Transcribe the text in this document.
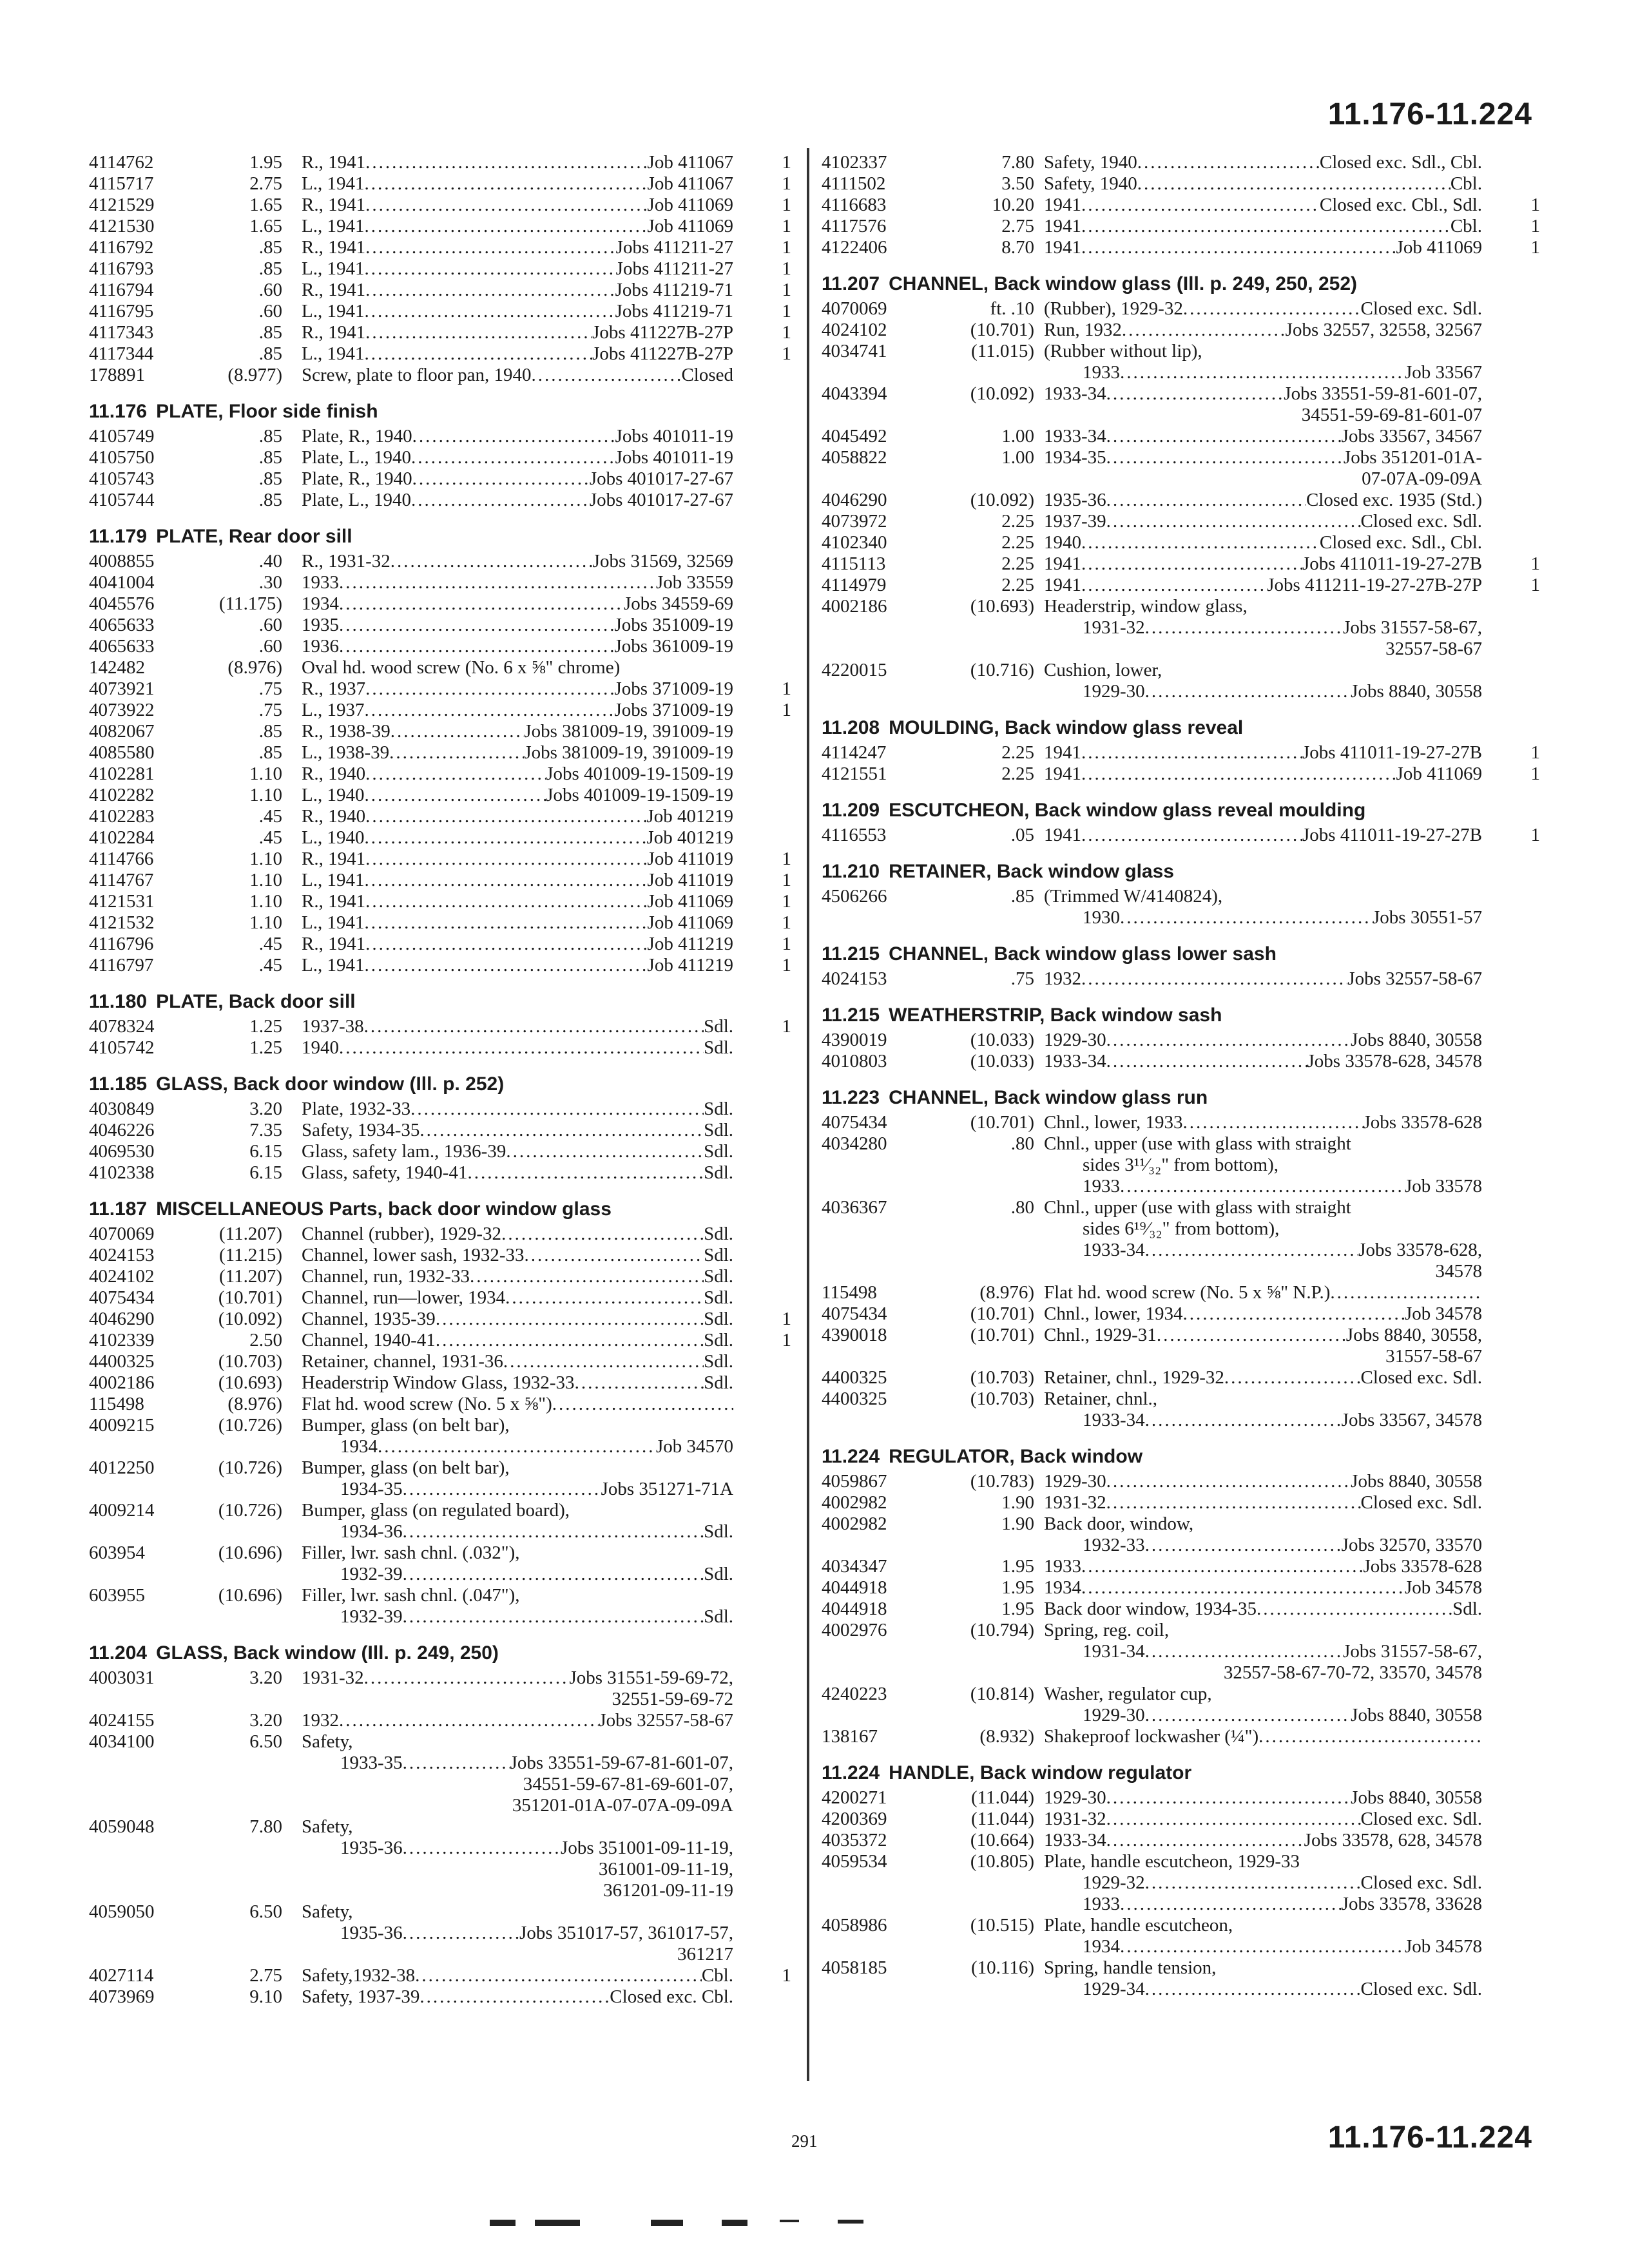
11.176-11.224
4114762	1.95 R., 1941 .....	Job 411067	1
4115717	2.75 L., 1941 .....	Job 411067	1
4121529	1.65 R., 1941 .....	Job 411069	1
4121530	1.65 L., 1941 .....	Job 411069	1
4116792	.85 R., 1941 .....	Jobs 411211-27	1
4116793	.85 L., 1941 .....	Jobs 411211-27	1
4116794	.60 R., 1941 .....	Jobs 411219-71	1
4116795	.60 L., 1941 .....	Jobs 411219-71	1
4117343	.85 R., 1941 .....	Jobs 411227B-27P	1
4117344	.85 L., 1941 .....	Jobs 411227B-27P	1
178891	(8.977) Screw, plate to floor pan, 1940 .....	Closed
11.176 PLATE, Floor side finish
4105749	.85 Plate, R., 1940 .....	Jobs 401011-19
4105750	.85 Plate, L., 1940 .....	Jobs 401011-19
4105743	.85 Plate, R., 1940 .....	Jobs 401017-27-67
4105744	.85 Plate, L., 1940 .....	Jobs 401017-27-67
11.179 PLATE, Rear door sill
4008855	.40 R., 1931-32 .....	Jobs 31569, 32569
4041004	.30 1933 .....	Job 33559
4045576	(11.175) 1934 .....	Jobs 34559-69
4065633	.60 1935 .....	Jobs 351009-19
4065633	.60 1936 .....	Jobs 361009-19
142482	(8.976) Oval hd. wood screw (No. 6 x ⅝" chrome)
4073921	.75 R., 1937 .....	Jobs 371009-19	1
4073922	.75 L., 1937 .....	Jobs 371009-19	1
4082067	.85 R., 1938-39 .....	Jobs 381009-19, 391009-19
4085580	.85 L., 1938-39 .....	Jobs 381009-19, 391009-19
4102281	1.10 R., 1940 .....	Jobs 401009-19-1509-19
4102282	1.10 L., 1940 .....	Jobs 401009-19-1509-19
4102283	.45 R., 1940 .....	Job 401219
4102284	.45 L., 1940 .....	Job 401219
4114766	1.10 R., 1941 .....	Job 411019	1
4114767	1.10 L., 1941 .....	Job 411019	1
4121531	1.10 R., 1941 .....	Job 411069	1
4121532	1.10 L., 1941 .....	Job 411069	1
4116796	.45 R., 1941 .....	Job 411219	1
4116797	.45 L., 1941 .....	Job 411219	1
11.180 PLATE, Back door sill
4078324	1.25 1937-38 .....	Sdl.	1
4105742	1.25 1940 .....	Sdl.
11.185 GLASS, Back door window (Ill. p. 252)
4030849	3.20 Plate, 1932-33 .....	Sdl.
4046226	7.35 Safety, 1934-35 .....	Sdl.
4069530	6.15 Glass, safety lam., 1936-39 .....	Sdl.
4102338	6.15 Glass, safety, 1940-41 .....	Sdl.
11.187 MISCELLANEOUS Parts, back door window glass
4070069	(11.207) Channel (rubber), 1929-32 .....	Sdl.
4024153	(11.215) Channel, lower sash, 1932-33 .....	Sdl.
4024102	(11.207) Channel, run, 1932-33 .....	Sdl.
4075434	(10.701) Channel, run—lower, 1934 .....	Sdl.
4046290	(10.092) Channel, 1935-39 .....	Sdl.	1
4102339	2.50 Channel, 1940-41 .....	Sdl.	1
4400325	(10.703) Retainer, channel, 1931-36 .....	Sdl.
4002186	(10.693) Headerstrip Window Glass, 1932-33 .....	Sdl.
115498	(8.976) Flat hd. wood screw (No. 5 x ⅝")
.....
4009215	(10.726) Bumper, glass (on belt bar),
1934 .....	Job 34570
4012250	(10.726) Bumper, glass (on belt bar),
1934-35 .....	Jobs 351271-71A
4009214	(10.726) Bumper, glass (on regulated board),
1934-36 .....	Sdl.
603954	(10.696) Filler, lwr. sash chnl. (.032"),
1932-39 .....	Sdl.
603955	(10.696) Filler, lwr. sash chnl. (.047"),
1932-39 .....	Sdl.
11.204 GLASS, Back window (Ill. p. 249, 250)
4003031	3.20 1931-32 .....	Jobs 31551-59-69-72,
32551-59-69-72
4024155	3.20 1932 .....	Jobs 32557-58-67
4034100	6.50 Safety,
1933-35 .....	Jobs 33551-59-67-81-601-07,
34551-59-67-81-69-601-07,
351201-01A-07-07A-09-09A
4059048	7.80 Safety,
1935-36 .....	Jobs 351001-09-11-19,
361001-09-11-19,
361201-09-11-19
4059050	6.50 Safety,
1935-36 .....	Jobs 351017-57, 361017-57,
361217
4027114	2.75 Safety,1932-38 .....	Cbl.	1
4073969	9.10 Safety, 1937-39 .....	Closed exc. Cbl.
4102337	7.80 Safety, 1940 .....	Closed exc. Sdl., Cbl.
4111502	3.50 Safety, 1940 .....	Cbl.
4116683	10.20 1941 .....	Closed exc. Cbl., Sdl.	1
4117576	2.75 1941 .....	Cbl.	1
4122406	8.70 1941 .....	Job 411069	1
11.207 CHANNEL, Back window glass (Ill. p. 249, 250, 252)
4070069	ft. .10 (Rubber), 1929-32 .....	Closed exc. Sdl.
4024102	(10.701) Run, 1932 .....	Jobs 32557, 32558, 32567
4034741	(11.015) (Rubber without lip),
1933 .....	Job 33567
4043394	(10.092) 1933-34 .....	Jobs 33551-59-81-601-07,
34551-59-69-81-601-07
4045492	1.00 1933-34 .....	Jobs 33567, 34567
4058822	1.00 1934-35 .....	Jobs 351201-01A-
07-07A-09-09A
4046290	(10.092) 1935-36 .....	Closed exc. 1935 (Std.)
4073972	2.25 1937-39 .....	Closed exc. Sdl.
4102340	2.25 1940 .....	Closed exc. Sdl., Cbl.
4115113	2.25 1941 .....	Jobs 411011-19-27-27B	1
4114979	2.25 1941 .....	Jobs 411211-19-27-27B-27P	1
4002186	(10.693) Headerstrip, window glass,
1931-32 .....	Jobs 31557-58-67,
32557-58-67
4220015	(10.716) Cushion, lower,
1929-30 .....	Jobs 8840, 30558
11.208 MOULDING, Back window glass reveal
4114247	2.25 1941 .....	Jobs 411011-19-27-27B	1
4121551	2.25 1941 .....	Job 411069	1
11.209 ESCUTCHEON, Back window glass reveal moulding
4116553	.05 1941 .....	Jobs 411011-19-27-27B	1
11.210 RETAINER, Back window glass
4506266	.85 (Trimmed W/4140824),
1930 .....	Jobs 30551-57
11.215 CHANNEL, Back window glass lower sash
4024153	.75 1932 .....	Jobs 32557-58-67
11.215 WEATHERSTRIP, Back window sash
4390019	(10.033) 1929-30 .....	Jobs 8840, 30558
4010803	(10.033) 1933-34 .....	Jobs 33578-628, 34578
11.223 CHANNEL, Back window glass run
4075434	(10.701) Chnl., lower, 1933 .....	Jobs 33578-628
4034280	.80 Chnl., upper (use with glass with straight
sides 3¹¹⁄₃₂" from bottom),
1933 .....	Job 33578
4036367	.80 Chnl., upper (use with glass with straight
sides 6¹⁹⁄₃₂" from bottom),
1933-34 .....	Jobs 33578-628,
34578
115498	(8.976) Flat hd. wood screw (No. 5 x ⅝" N.P.)
.....
4075434	(10.701) Chnl., lower, 1934 .....	Job 34578
4390018	(10.701) Chnl., 1929-31 .....	Jobs 8840, 30558,
31557-58-67
4400325	(10.703) Retainer, chnl., 1929-32 .....	Closed exc. Sdl.
4400325	(10.703) Retainer, chnl.,
1933-34 .....	Jobs 33567, 34578
11.224 REGULATOR, Back window
4059867	(10.783) 1929-30 .....	Jobs 8840, 30558
4002982	1.90 1931-32 .....	Closed exc. Sdl.
4002982	1.90 Back door, window,
1932-33 .....	Jobs 32570, 33570
4034347	1.95 1933 .....	Jobs 33578-628
4044918	1.95 1934 .....	Job 34578
4044918	1.95 Back door window, 1934-35 .....	Sdl.
4002976	(10.794) Spring, reg. coil,
1931-34 .....	Jobs 31557-58-67,
32557-58-67-70-72, 33570, 34578
4240223	(10.814) Washer, regulator cup,
1929-30 .....	Jobs 8840, 30558
138167	(8.932) Shakeproof lockwasher (¼")
.....
11.224 HANDLE, Back window regulator
4200271	(11.044) 1929-30 .....	Jobs 8840, 30558
4200369	(11.044) 1931-32 .....	Closed exc. Sdl.
4035372	(10.664) 1933-34 .....	Jobs 33578, 628, 34578
4059534	(10.805) Plate, handle escutcheon, 1929-33
1929-32 .....	Closed exc. Sdl.
1933 .....	Jobs 33578, 33628
4058986	(10.515) Plate, handle escutcheon,
1934 .....	Job 34578
4058185	(10.116) Spring, handle tension,
1929-34 .....	Closed exc. Sdl.
291	11.176-11.224
